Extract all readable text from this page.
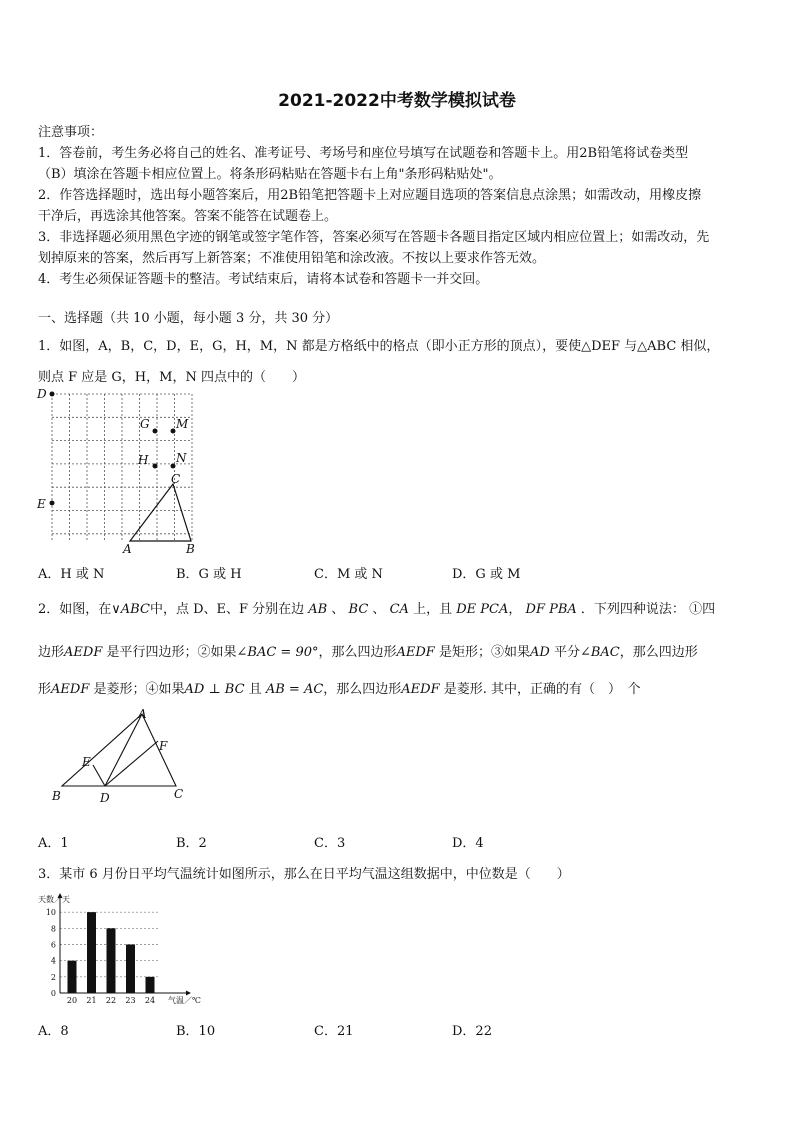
2021-2022中考数学模拟试卷
注意事项：
1．答卷前，考生务必将自己的姓名、准考证号、考场号和座位号填写在试题卷和答题卡上。用2B铅笔将试卷类型
（B）填涂在答题卡相应位置上。将条形码粘贴在答题卡右上角"条形码粘贴处"。
2．作答选择题时，选出每小题答案后，用2B铅笔把答题卡上对应题目选项的答案信息点涂黑；如需改动，用橡皮擦
干净后，再选涂其他答案。答案不能答在试题卷上。
3．非选择题必须用黑色字迹的钢笔或签字笔作答，答案必须写在答题卡各题目指定区域内相应位置上；如需改动，先
划掉原来的答案，然后再写上新答案；不准使用铅笔和涂改液。不按以上要求作答无效。
4．考生必须保证答题卡的整洁。考试结束后，请将本试卷和答题卡一并交回。
一、选择题（共 10 小题，每小题 3 分，共 30 分）
1．如图，A，B，C，D，E，G，H，M，N 都是方格纸中的格点（即小正方形的顶点），要使△DEF 与△ABC 相似，
则点 F 应是 G，H，M，N 四点中的（　　）
D
E
G M
H N
C
A	B
A．H 或 N	B．G 或 H	C．M 或 N	D．G 或 M
2．如图，在∨ABC中，点 D、E、F 分别在边 AB 、 BC 、 CA 上，且 DE PCA， DF PBA ．下列四种说法： ①四
边形AEDF 是平行四边形；②如果∠BAC = 90°，那么四边形AEDF 是矩形；③如果AD 平分∠BAC，那么四边形
形AEDF 是菱形；④如果AD ⊥ BC 且 AB = AC，那么四边形AEDF 是菱形. 其中，正确的有（　）　个
A
B	C
D
E
F
A．1	B．2	C．3	D．4
3．某市 6 月份日平均气温统计如图所示，那么在日平均气温这组数据中，中位数是（　　）
0
2
4
6
8
10
天数／天
气温／℃
20 21 22 23 24
A．8	B．10	C．21	D．22
